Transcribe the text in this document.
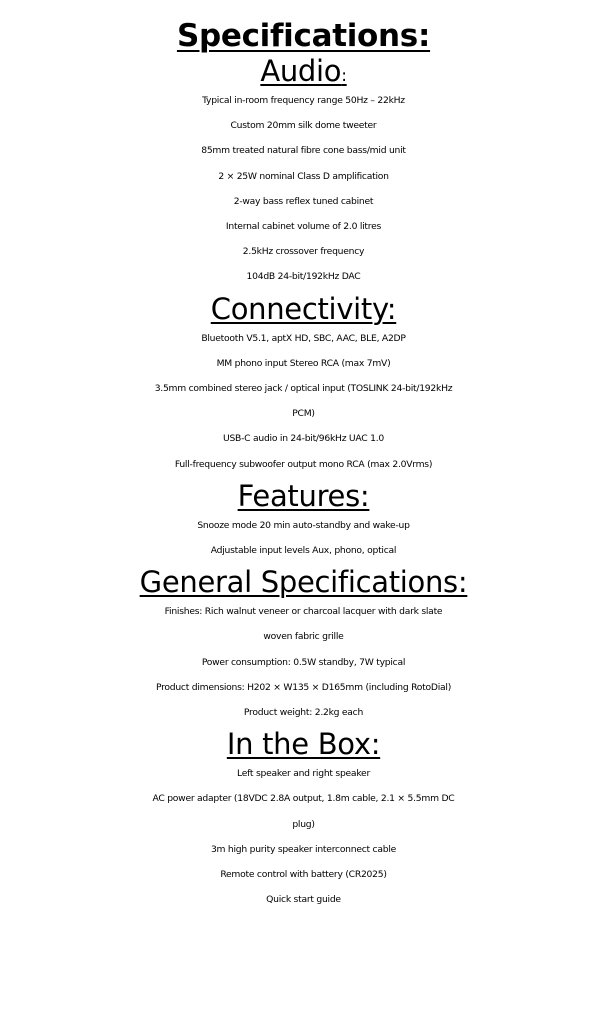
Specifications:
Audio:

Typical in-room frequency range 50Hz – 22kHz

Custom 20mm silk dome tweeter

85mm treated natural fibre cone bass/mid unit

2 × 25W nominal Class D amplification

2-way bass reflex tuned cabinet

Internal cabinet volume of 2.0 litres

2.5kHz crossover frequency

104dB 24-bit/192kHz DAC

Connectivity:

Bluetooth V5.1, aptX HD, SBC, AAC, BLE, A2DP

MM phono input Stereo RCA (max 7mV)

3.5mm combined stereo jack / optical input (TOSLINK 24-bit/192kHz

PCM)

USB-C audio in 24-bit/96kHz UAC 1.0

Full-frequency subwoofer output mono RCA (max 2.0Vrms)

Features:

Snooze mode 20 min auto-standby and wake-up

Adjustable input levels Aux, phono, optical

General Specifications:

Finishes: Rich walnut veneer or charcoal lacquer with dark slate

woven fabric grille

Power consumption: 0.5W standby, 7W typical

Product dimensions: H202 × W135 × D165mm (including RotoDial)

Product weight: 2.2kg each

In the Box:

Left speaker and right speaker

AC power adapter (18VDC 2.8A output, 1.8m cable, 2.1 × 5.5mm DC

plug)

3m high purity speaker interconnect cable

Remote control with battery (CR2025)

Quick start guide
